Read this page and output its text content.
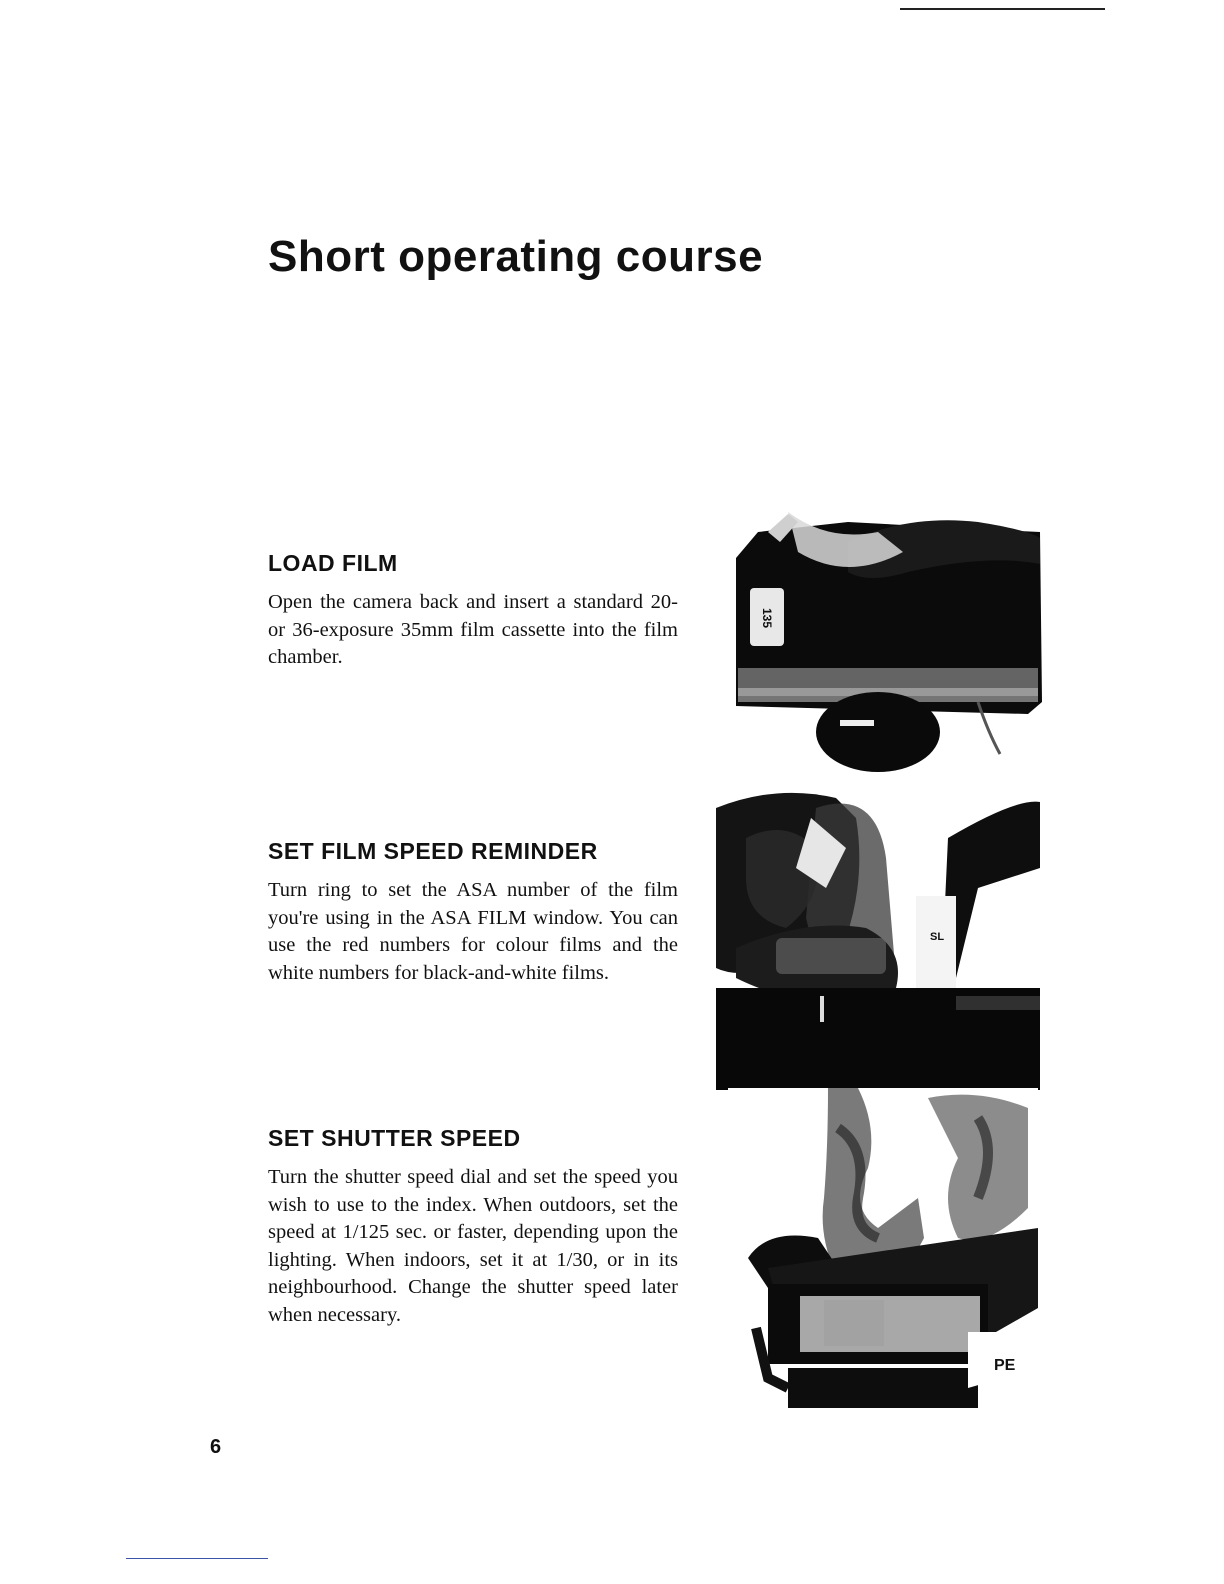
Short operating course
LOAD FILM

Open the camera back and insert a standard 20- or 36-exposure 35mm film cassette into the film chamber.

SET FILM SPEED REMINDER

Turn ring to set the ASA number of the film you're using in the ASA FILM window. You can use the red numbers for colour films and the white numbers for black-and-white films.

SET SHUTTER SPEED

Turn the shutter speed dial and set the speed you wish to use to the index. When outdoors, set the speed at 1/125 sec. or faster, depending upon the lighting. When indoors, set it at 1/30, or in its neighbourhood. Change the shutter speed later when necessary.

135
SL
PE
6
